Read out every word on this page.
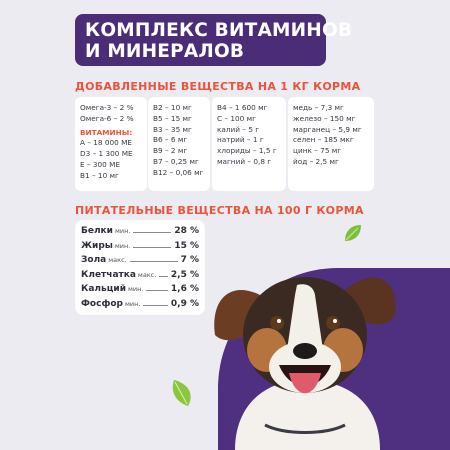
КОМПЛЕКС ВИТАМИНОВ
И МИНЕРАЛОВ
ДОБАВЛЕННЫЕ ВЕЩЕСТВА НА 1 КГ КОРМА
Омега-3 – 2 %
Омега-6 – 2 %
ВИТАМИНЫ:
A – 18 000 МЕ
D3 – 1 300 МЕ
E – 300 МЕ
B1 – 10 мг
B2 – 10 мг
B5 – 15 мг
B3 – 35 мг
B6 – 6 мг
B9 – 2 мг
B7 – 0,25 мг
B12 – 0,06 мг
B4 – 1 600 мг
C – 100 мг
калий – 5 г
натрий – 1 г
хлориды – 1,5 г
магний – 0,8 г
медь – 7,3 мг
железо – 150 мг
марганец – 5,9 мг
селен – 185 мкг
цинк – 75 мг
йод – 2,5 мг
ПИТАТЕЛЬНЫЕ ВЕЩЕСТВА НА 100 Г КОРМА
Белки мин.	28 %
Жиры мин.	15 %
Зола макс.	7 %
Клетчатка макс. 2,5 %
Кальций мин.	1,6 %
Фосфор мин.	0,9 %
